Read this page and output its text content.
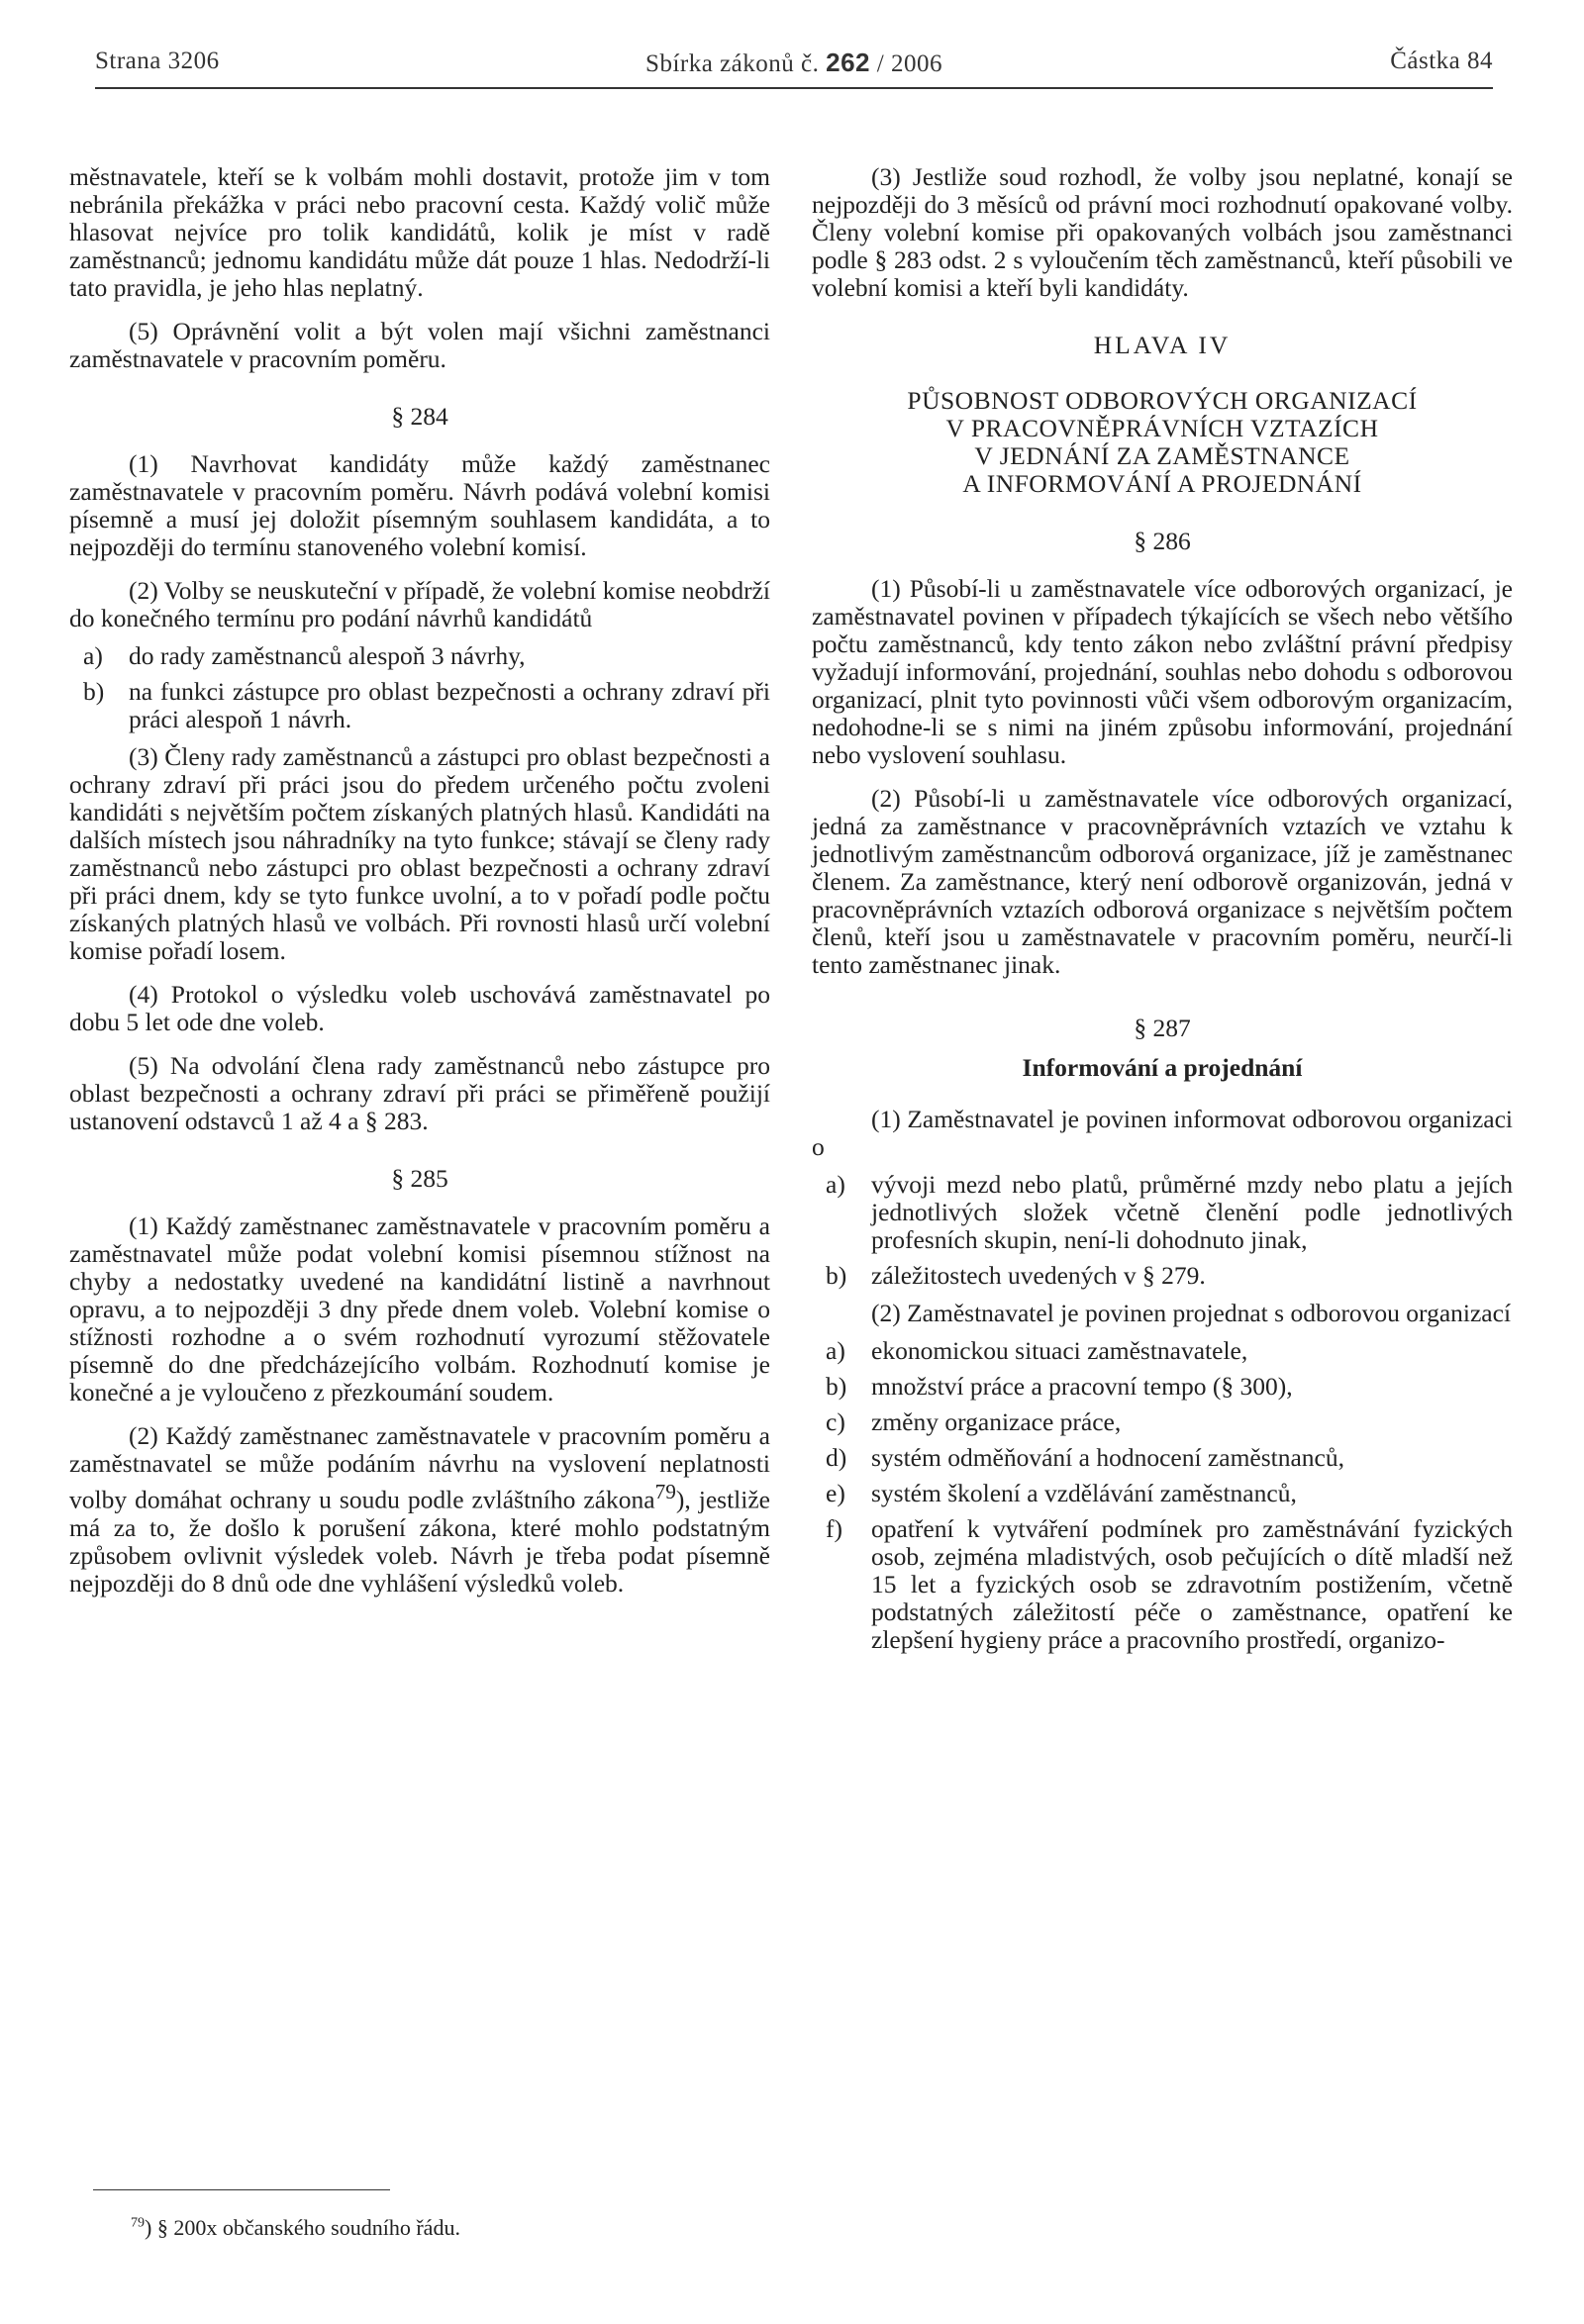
Strana 3206	Sbírka zákonů č. 262 / 2006	Částka 84

městnavatele, kteří se k volbám mohli dostavit, protože jim v tom nebránila překážka v práci nebo pracovní cesta. Každý volič může hlasovat nejvíce pro tolik kandidátů, kolik je míst v radě zaměstnanců; jednomu kandidátu může dát pouze 1 hlas. Nedodrží-li tato pravidla, je jeho hlas neplatný.

(5) Oprávnění volit a být volen mají všichni zaměstnanci zaměstnavatele v pracovním poměru.

§ 284

(1) Navrhovat kandidáty může každý zaměstnanec zaměstnavatele v pracovním poměru. Návrh podává volební komisi písemně a musí jej doložit písemným souhlasem kandidáta, a to nejpozději do termínu stanoveného volební komisí.

(2) Volby se neuskuteční v případě, že volební komise neobdrží do konečného termínu pro podání návrhů kandidátů

a) do rady zaměstnanců alespoň 3 návrhy,

b) na funkci zástupce pro oblast bezpečnosti a ochrany zdraví při práci alespoň 1 návrh.

(3) Členy rady zaměstnanců a zástupci pro oblast bezpečnosti a ochrany zdraví při práci jsou do předem určeného počtu zvoleni kandidáti s největším počtem získaných platných hlasů. Kandidáti na dalších místech jsou náhradníky na tyto funkce; stávají se členy rady zaměstnanců nebo zástupci pro oblast bezpečnosti a ochrany zdraví při práci dnem, kdy se tyto funkce uvolní, a to v pořadí podle počtu získaných platných hlasů ve volbách. Při rovnosti hlasů určí volební komise pořadí losem.

(4) Protokol o výsledku voleb uschovává zaměstnavatel po dobu 5 let ode dne voleb.

(5) Na odvolání člena rady zaměstnanců nebo zástupce pro oblast bezpečnosti a ochrany zdraví při práci se přiměřeně použijí ustanovení odstavců 1 až 4 a § 283.

§ 285

(1) Každý zaměstnanec zaměstnavatele v pracovním poměru a zaměstnavatel může podat volební komisi písemnou stížnost na chyby a nedostatky uvedené na kandidátní listině a navrhnout opravu, a to nejpozději 3 dny přede dnem voleb. Volební komise o stížnosti rozhodne a o svém rozhodnutí vyrozumí stěžovatele písemně do dne předcházejícího volbám. Rozhodnutí komise je konečné a je vyloučeno z přezkoumání soudem.

(2) Každý zaměstnanec zaměstnavatele v pracovním poměru a zaměstnavatel se může podáním návrhu na vyslovení neplatnosti volby domáhat ochrany u soudu podle zvláštního zákona$^{79}$), jestliže má za to, že došlo k porušení zákona, které mohlo podstatným způsobem ovlivnit výsledek voleb. Návrh je třeba podat písemně nejpozději do 8 dnů ode dne vyhlášení výsledků voleb.

(3) Jestliže soud rozhodl, že volby jsou neplatné, konají se nejpozději do 3 měsíců od právní moci rozhodnutí opakované volby. Členy volební komise při opakovaných volbách jsou zaměstnanci podle § 283 odst. 2 s vyloučením těch zaměstnanců, kteří působili ve volební komisi a kteří byli kandidáty.

HLAVA IV

PŮSOBNOST ODBOROVÝCH ORGANIZACÍ
V PRACOVNĚPRÁVNÍCH VZTAZÍCH
V JEDNÁNÍ ZA ZAMĚSTNANCE
A INFORMOVÁNÍ A PROJEDNÁNÍ

§ 286

(1) Působí-li u zaměstnavatele více odborových organizací, je zaměstnavatel povinen v případech týkajících se všech nebo většího počtu zaměstnanců, kdy tento zákon nebo zvláštní právní předpisy vyžadují informování, projednání, souhlas nebo dohodu s odborovou organizací, plnit tyto povinnosti vůči všem odborovým organizacím, nedohodne-li se s nimi na jiném způsobu informování, projednání nebo vyslovení souhlasu.

(2) Působí-li u zaměstnavatele více odborových organizací, jedná za zaměstnance v pracovněprávních vztazích ve vztahu k jednotlivým zaměstnancům odborová organizace, jíž je zaměstnanec členem. Za zaměstnance, který není odborově organizován, jedná v pracovněprávních vztazích odborová organizace s největším počtem členů, kteří jsou u zaměstnavatele v pracovním poměru, neurčí-li tento zaměstnanec jinak.

§ 287

Informování a projednání

(1) Zaměstnavatel je povinen informovat odborovou organizaci o

a) vývoji mezd nebo platů, průměrné mzdy nebo platu a jejích jednotlivých složek včetně členění podle jednotlivých profesních skupin, není-li dohodnuto jinak,

b) záležitostech uvedených v § 279.

(2) Zaměstnavatel je povinen projednat s odborovou organizací

a) ekonomickou situaci zaměstnavatele,

b) množství práce a pracovní tempo (§ 300),

c) změny organizace práce,

d) systém odměňování a hodnocení zaměstnanců,

e) systém školení a vzdělávání zaměstnanců,

f) opatření k vytváření podmínek pro zaměstnávání fyzických osob, zejména mladistvých, osob pečujících o dítě mladší než 15 let a fyzických osob se zdravotním postižením, včetně podstatných záležitostí péče o zaměstnance, opatření ke zlepšení hygieny práce a pracovního prostředí, organizo-

$^{79}$) § 200x občanského soudního řádu.
